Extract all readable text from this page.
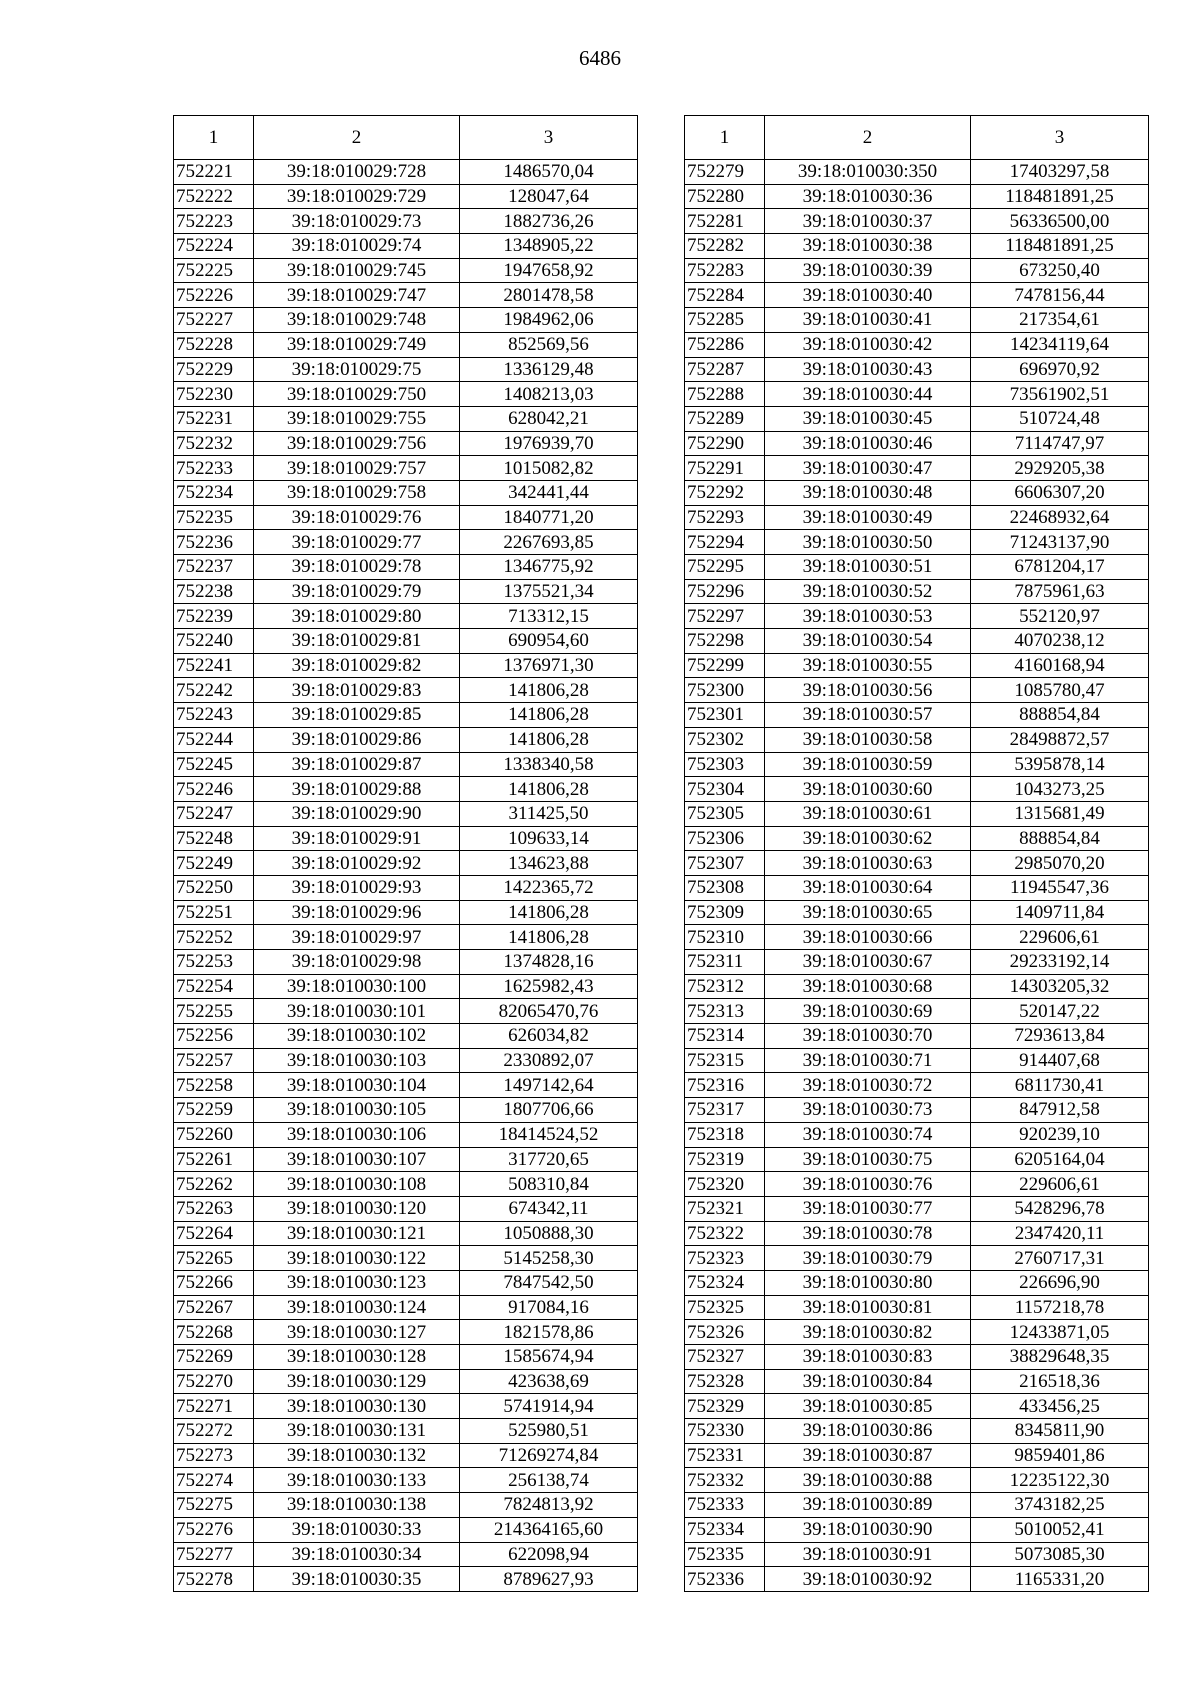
6486
1	2	3
752221	39:18:010029:728	1486570,04
752222	39:18:010029:729	128047,64
752223	39:18:010029:73	1882736,26
752224	39:18:010029:74	1348905,22
752225	39:18:010029:745	1947658,92
752226	39:18:010029:747	2801478,58
752227	39:18:010029:748	1984962,06
752228	39:18:010029:749	852569,56
752229	39:18:010029:75	1336129,48
752230	39:18:010029:750	1408213,03
752231	39:18:010029:755	628042,21
752232	39:18:010029:756	1976939,70
752233	39:18:010029:757	1015082,82
752234	39:18:010029:758	342441,44
752235	39:18:010029:76	1840771,20
752236	39:18:010029:77	2267693,85
752237	39:18:010029:78	1346775,92
752238	39:18:010029:79	1375521,34
752239	39:18:010029:80	713312,15
752240	39:18:010029:81	690954,60
752241	39:18:010029:82	1376971,30
752242	39:18:010029:83	141806,28
752243	39:18:010029:85	141806,28
752244	39:18:010029:86	141806,28
752245	39:18:010029:87	1338340,58
752246	39:18:010029:88	141806,28
752247	39:18:010029:90	311425,50
752248	39:18:010029:91	109633,14
752249	39:18:010029:92	134623,88
752250	39:18:010029:93	1422365,72
752251	39:18:010029:96	141806,28
752252	39:18:010029:97	141806,28
752253	39:18:010029:98	1374828,16
752254	39:18:010030:100	1625982,43
752255	39:18:010030:101	82065470,76
752256	39:18:010030:102	626034,82
752257	39:18:010030:103	2330892,07
752258	39:18:010030:104	1497142,64
752259	39:18:010030:105	1807706,66
752260	39:18:010030:106	18414524,52
752261	39:18:010030:107	317720,65
752262	39:18:010030:108	508310,84
752263	39:18:010030:120	674342,11
752264	39:18:010030:121	1050888,30
752265	39:18:010030:122	5145258,30
752266	39:18:010030:123	7847542,50
752267	39:18:010030:124	917084,16
752268	39:18:010030:127	1821578,86
752269	39:18:010030:128	1585674,94
752270	39:18:010030:129	423638,69
752271	39:18:010030:130	5741914,94
752272	39:18:010030:131	525980,51
752273	39:18:010030:132	71269274,84
752274	39:18:010030:133	256138,74
752275	39:18:010030:138	7824813,92
752276	39:18:010030:33	214364165,60
752277	39:18:010030:34	622098,94
752278	39:18:010030:35	8789627,93
1	2	3
752279	39:18:010030:350	17403297,58
752280	39:18:010030:36	118481891,25
752281	39:18:010030:37	56336500,00
752282	39:18:010030:38	118481891,25
752283	39:18:010030:39	673250,40
752284	39:18:010030:40	7478156,44
752285	39:18:010030:41	217354,61
752286	39:18:010030:42	14234119,64
752287	39:18:010030:43	696970,92
752288	39:18:010030:44	73561902,51
752289	39:18:010030:45	510724,48
752290	39:18:010030:46	7114747,97
752291	39:18:010030:47	2929205,38
752292	39:18:010030:48	6606307,20
752293	39:18:010030:49	22468932,64
752294	39:18:010030:50	71243137,90
752295	39:18:010030:51	6781204,17
752296	39:18:010030:52	7875961,63
752297	39:18:010030:53	552120,97
752298	39:18:010030:54	4070238,12
752299	39:18:010030:55	4160168,94
752300	39:18:010030:56	1085780,47
752301	39:18:010030:57	888854,84
752302	39:18:010030:58	28498872,57
752303	39:18:010030:59	5395878,14
752304	39:18:010030:60	1043273,25
752305	39:18:010030:61	1315681,49
752306	39:18:010030:62	888854,84
752307	39:18:010030:63	2985070,20
752308	39:18:010030:64	11945547,36
752309	39:18:010030:65	1409711,84
752310	39:18:010030:66	229606,61
752311	39:18:010030:67	29233192,14
752312	39:18:010030:68	14303205,32
752313	39:18:010030:69	520147,22
752314	39:18:010030:70	7293613,84
752315	39:18:010030:71	914407,68
752316	39:18:010030:72	6811730,41
752317	39:18:010030:73	847912,58
752318	39:18:010030:74	920239,10
752319	39:18:010030:75	6205164,04
752320	39:18:010030:76	229606,61
752321	39:18:010030:77	5428296,78
752322	39:18:010030:78	2347420,11
752323	39:18:010030:79	2760717,31
752324	39:18:010030:80	226696,90
752325	39:18:010030:81	1157218,78
752326	39:18:010030:82	12433871,05
752327	39:18:010030:83	38829648,35
752328	39:18:010030:84	216518,36
752329	39:18:010030:85	433456,25
752330	39:18:010030:86	8345811,90
752331	39:18:010030:87	9859401,86
752332	39:18:010030:88	12235122,30
752333	39:18:010030:89	3743182,25
752334	39:18:010030:90	5010052,41
752335	39:18:010030:91	5073085,30
752336	39:18:010030:92	1165331,20
